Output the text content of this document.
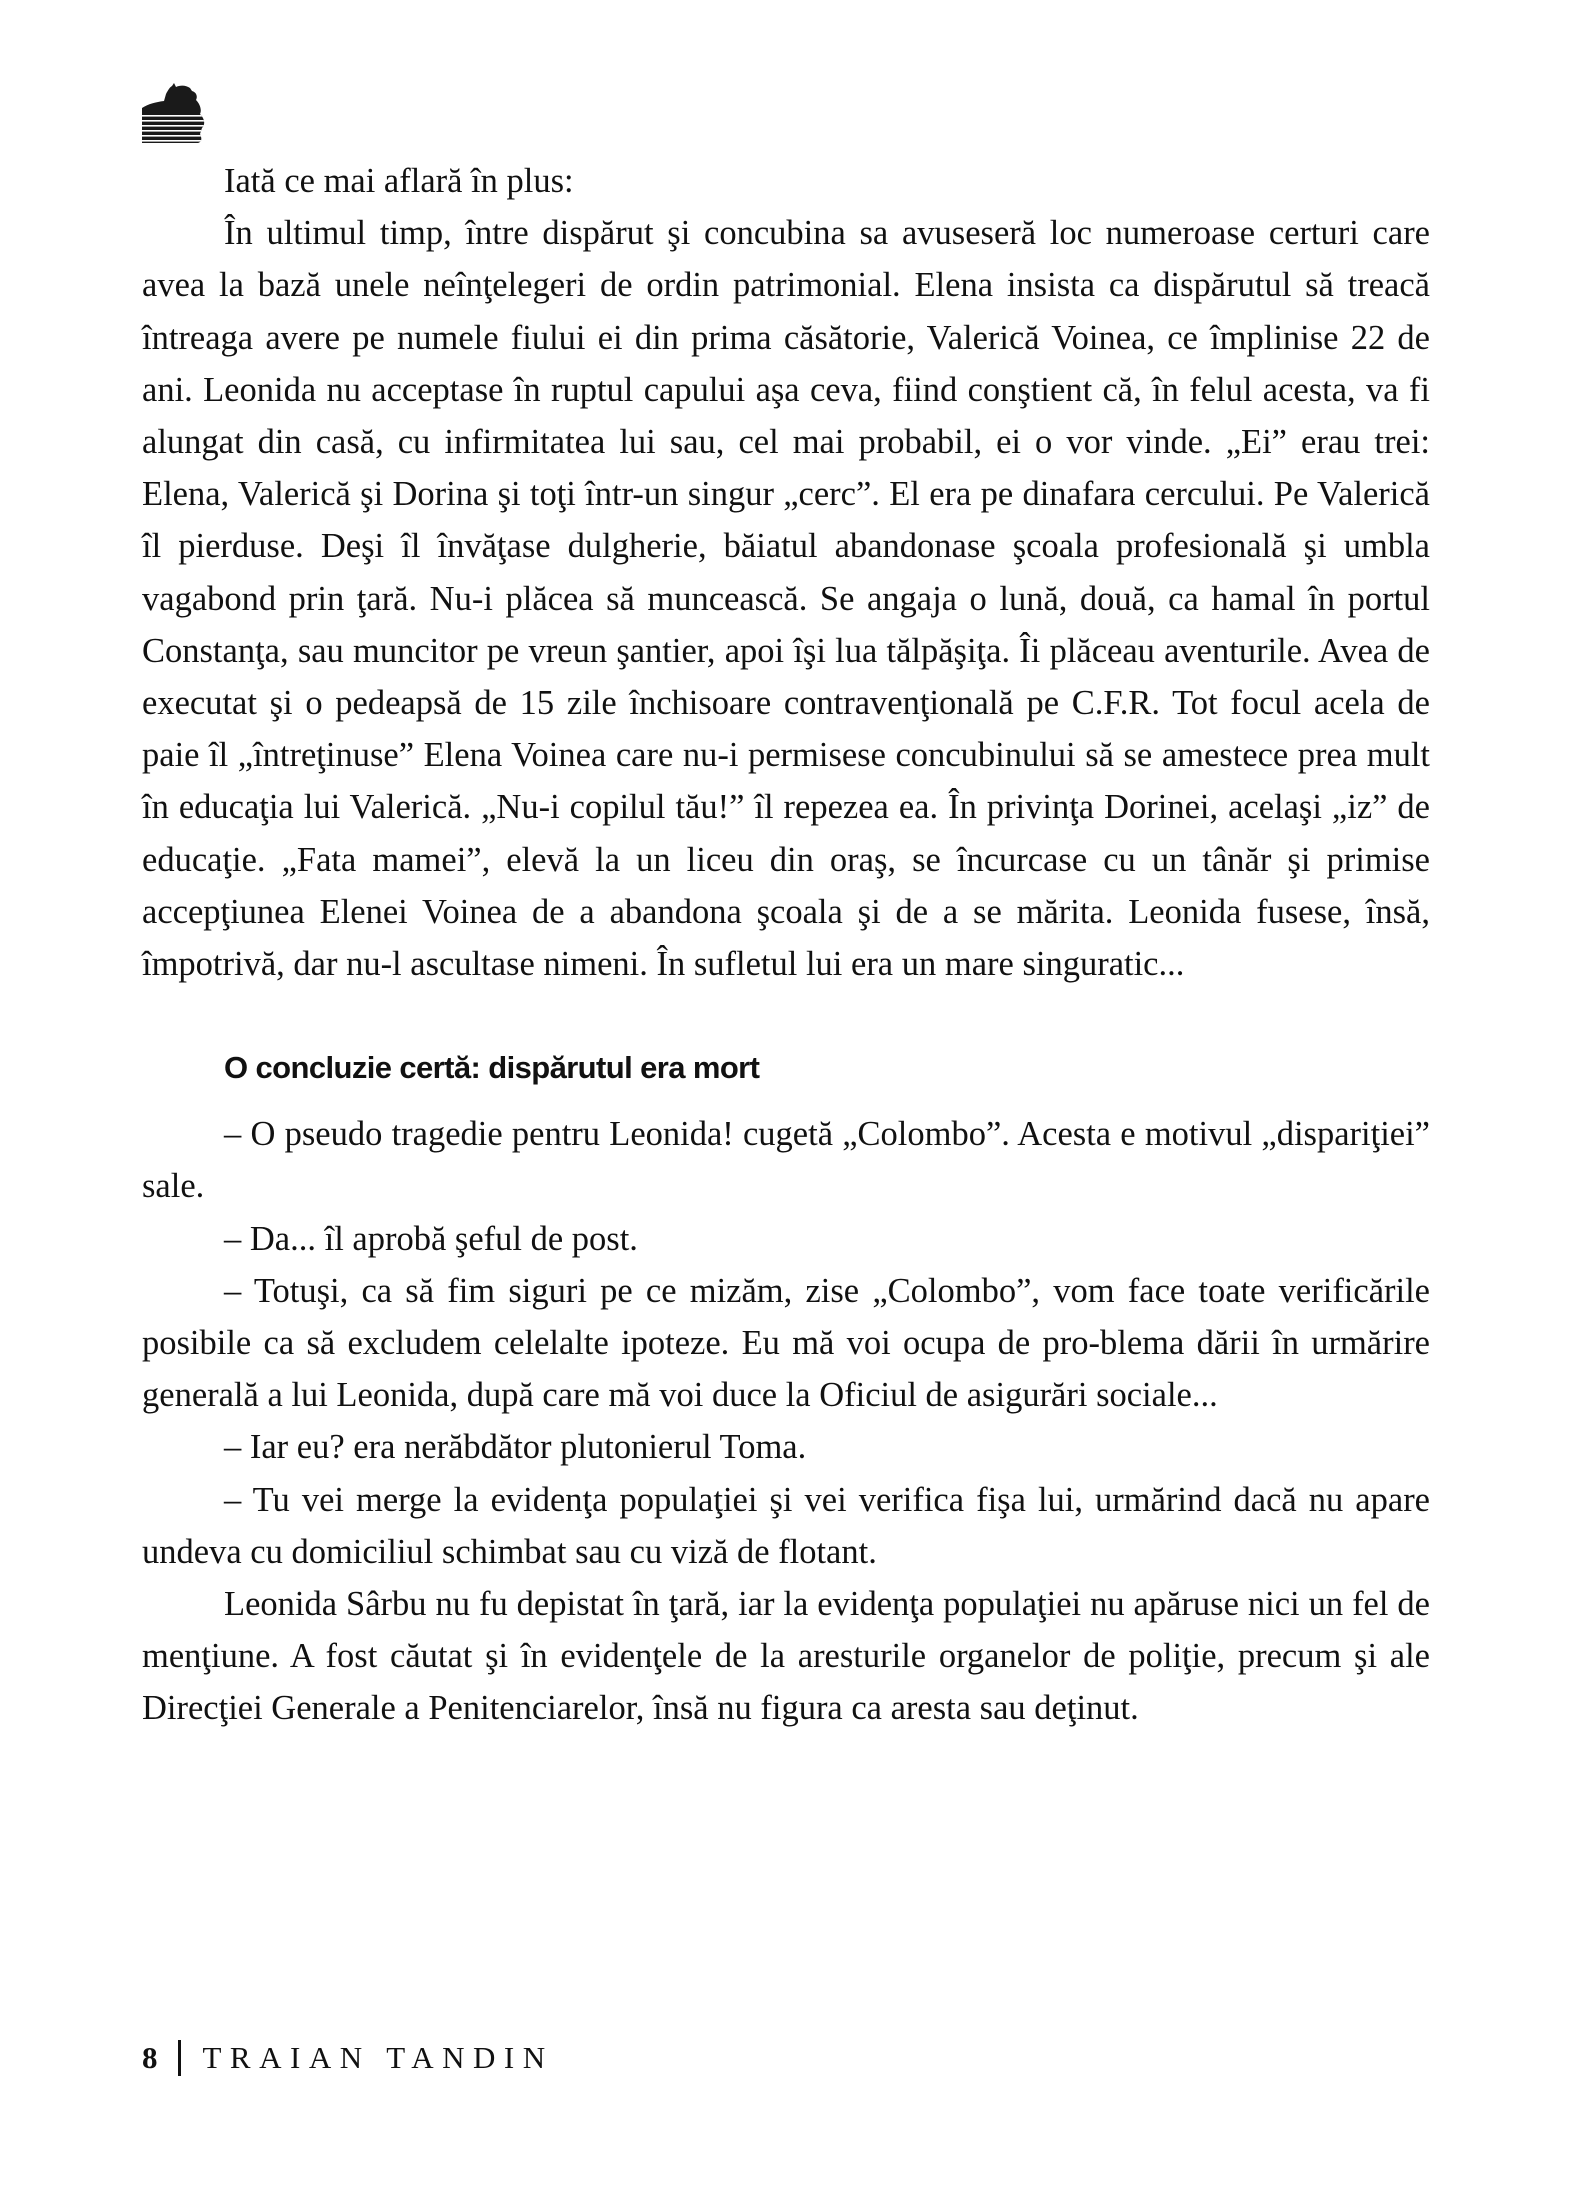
Iată ce mai aflară în plus:

În ultimul timp, între dispărut şi concubina sa avuseseră loc numeroase certuri care avea la bază unele neînţelegeri de ordin patrimonial. Elena insista ca dispărutul să treacă întreaga avere pe numele fiului ei din prima căsătorie, Valerică Voinea, ce împlinise 22 de ani. Leonida nu acceptase în ruptul capului aşa ceva, fiind conştient că, în felul acesta, va fi alungat din casă, cu infirmitatea lui sau, cel mai probabil, ei o vor vinde. „Ei” erau trei: Elena, Valerică şi Dorina şi toţi într-un singur „cerc”. El era pe dinafara cercului. Pe Valerică îl pierduse. Deşi îl învăţase dulgherie, băiatul abandonase şcoala profesională şi umbla vagabond prin ţară. Nu-i plăcea să muncească. Se angaja o lună, două, ca hamal în portul Constanţa, sau muncitor pe vreun şantier, apoi îşi lua tălpăşiţa. Îi plăceau aventurile. Avea de executat şi o pedeapsă de 15 zile închisoare contravenţională pe C.F.R. Tot focul acela de paie îl „întreţinuse” Elena Voinea care nu-i permisese concubinului să se amestece prea mult în educaţia lui Valerică. „Nu-i copilul tău!” îl repezea ea. În privinţa Dorinei, acelaşi „iz” de educaţie. „Fata mamei”, elevă la un liceu din oraş, se încurcase cu un tânăr şi primise accepţiunea Elenei Voinea de a abandona şcoala şi de a se mărita. Leonida fusese, însă, împotrivă, dar nu-l ascultase nimeni. În sufletul lui era un mare singuratic...

O concluzie certă: dispărutul era mort

– O pseudo tragedie pentru Leonida! cugetă „Colombo”. Acesta e motivul „dispariţiei” sale.

– Da... îl aprobă şeful de post.

– Totuşi, ca să fim siguri pe ce mizăm, zise „Colombo”, vom face toate verificările posibile ca să excludem celelalte ipoteze. Eu mă voi ocupa de pro-blema dării în urmărire generală a lui Leonida, după care mă voi duce la Oficiul de asigurări sociale...

– Iar eu? era nerăbdător plutonierul Toma.

– Tu vei merge la evidenţa populaţiei şi vei verifica fişa lui, urmărind dacă nu apare undeva cu domiciliul schimbat sau cu viză de flotant.

Leonida Sârbu nu fu depistat în ţară, iar la evidenţa populaţiei nu apăruse nici un fel de menţiune. A fost căutat şi în evidenţele de la aresturile organelor de poliţie, precum şi ale Direcţiei Generale a Penitenciarelor, însă nu figura ca aresta sau deţinut.

8 TRAIAN TANDIN
